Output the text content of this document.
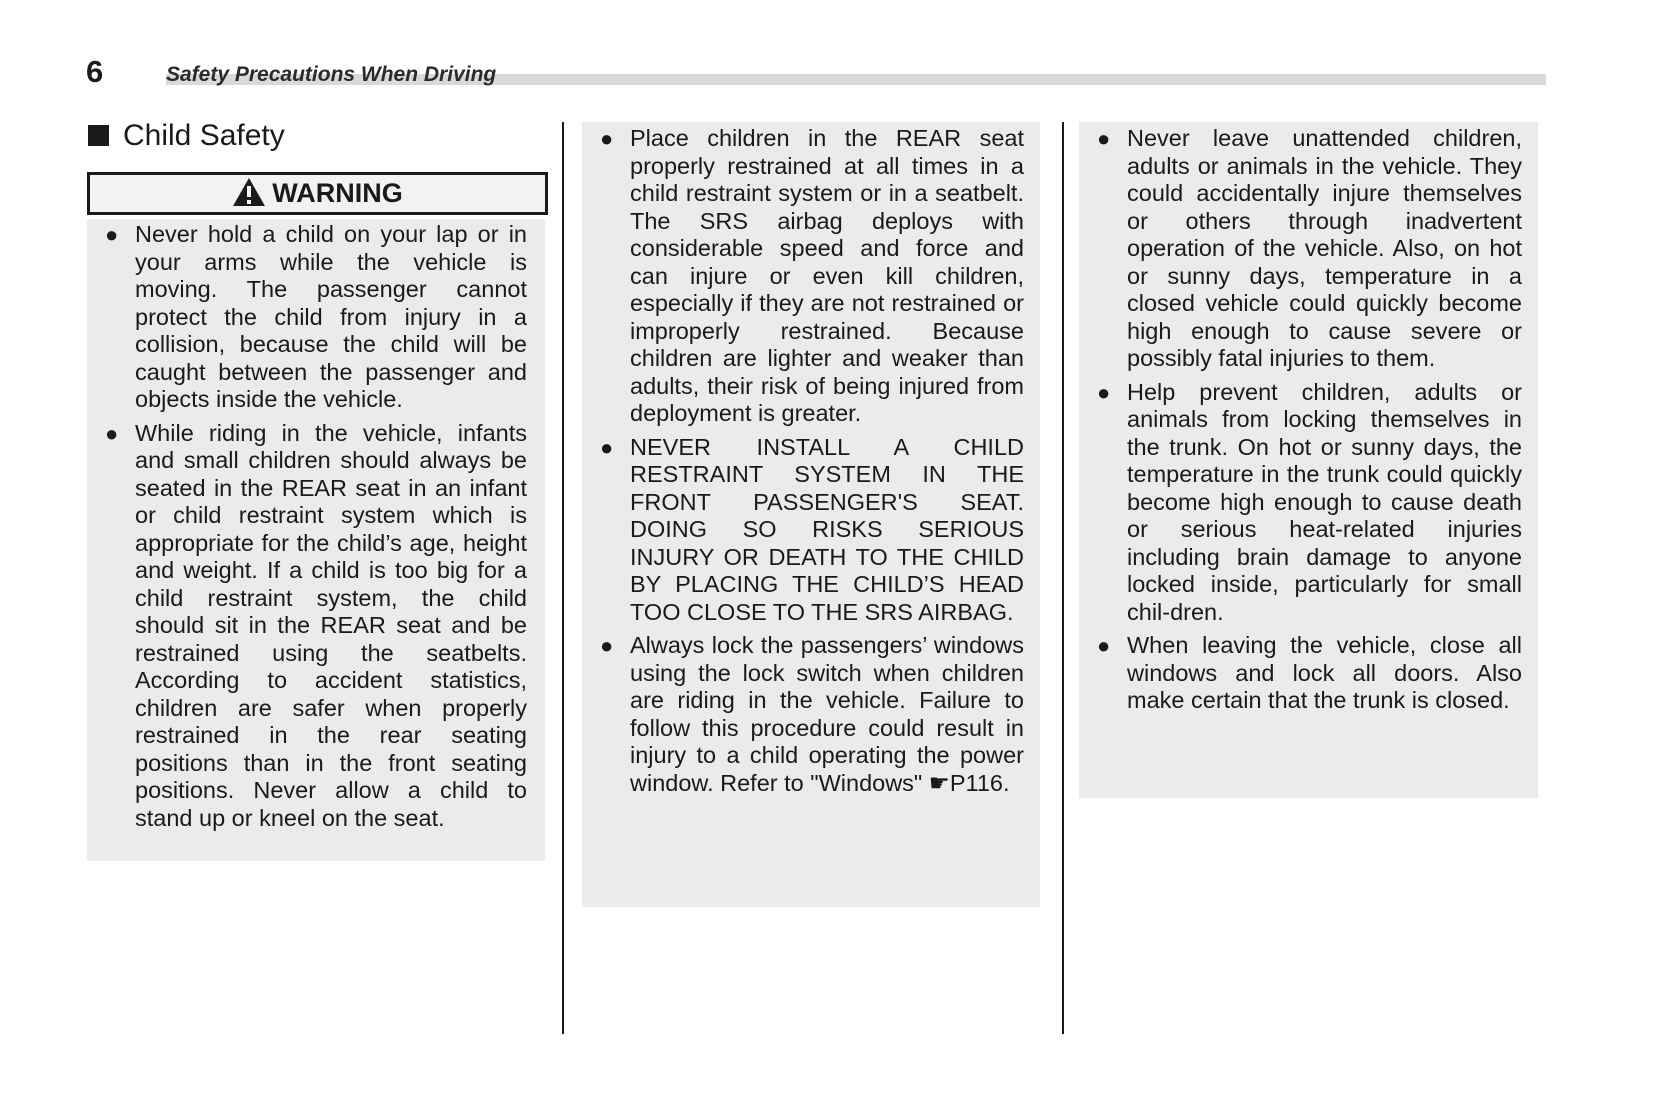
6	Safety Precautions When Driving
Child Safety
WARNING
● Never hold a child on your lap or in your arms while the vehicle is moving. The passenger cannot protect the child from injury in a collision, because the child will be caught between the passenger and objects inside the vehicle.
● While riding in the vehicle, infants and small children should always be seated in the REAR seat in an infant or child restraint system which is appropriate for the child’s age, height and weight. If a child is too big for a child restraint system, the child should sit in the REAR seat and be restrained using the seatbelts. According to accident statistics, children are safer when properly restrained in the rear seating positions than in the front seating positions. Never allow a child to stand up or kneel on the seat.
● Place children in the REAR seat properly restrained at all times in a child restraint system or in a seatbelt. The SRS airbag deploys with considerable speed and force and can injure or even kill children, especially if they are not restrained or improperly restrained. Because children are lighter and weaker than adults, their risk of being injured from deployment is greater.
● NEVER INSTALL A CHILD RESTRAINT SYSTEM IN THE FRONT PASSENGER'S SEAT. DOING SO RISKS SERIOUS INJURY OR DEATH TO THE CHILD BY PLACING THE CHILD’S HEAD TOO CLOSE TO THE SRS AIRBAG.
● Always lock the passengers’ windows using the lock switch when children are riding in the vehicle. Failure to follow this procedure could result in injury to a child operating the power window. Refer to "Windows" ☛P116.
● Never leave unattended children, adults or animals in the vehicle. They could accidentally injure themselves or others through inadvertent operation of the vehicle. Also, on hot or sunny days, temperature in a closed vehicle could quickly become high enough to cause severe or possibly fatal injuries to them.
● Help prevent children, adults or animals from locking themselves in the trunk. On hot or sunny days, the temperature in the trunk could quickly become high enough to cause death or serious heat-related injuries including brain damage to anyone locked inside, particularly for small chil-dren.
● When leaving the vehicle, close all windows and lock all doors. Also make certain that the trunk is closed.
